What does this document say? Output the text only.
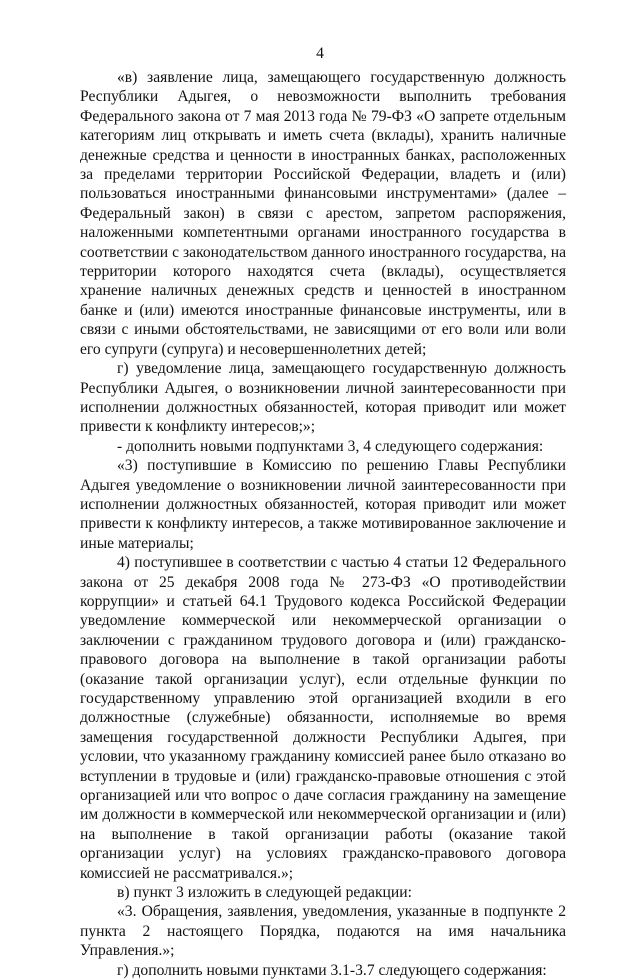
4

«в) заявление лица, замещающего государственную должность Республики Адыгея, о невозможности выполнить требования Федерального закона от 7 мая 2013 года № 79-ФЗ «О запрете отдельным категориям лиц открывать и иметь счета (вклады), хранить наличные денежные средства и ценности в иностранных банках, расположенных за пределами территории Российской Федерации, владеть и (или) пользоваться иностранными финансовыми инструментами» (далее – Федеральный закон) в связи с арестом, запретом распоряжения, наложенными компетентными органами иностранного государства в соответствии с законодательством данного иностранного государства, на территории которого находятся счета (вклады), осуществляется хранение наличных денежных средств и ценностей в иностранном банке и (или) имеются иностранные финансовые инструменты, или в связи с иными обстоятельствами, не зависящими от его воли или воли его супруги (супруга) и несовершеннолетних детей;

г) уведомление лица, замещающего государственную должность Республики Адыгея, о возникновении личной заинтересованности при исполнении должностных обязанностей, которая приводит или может привести к конфликту интересов;»;

- дополнить новыми подпунктами 3, 4 следующего содержания:

«3) поступившие в Комиссию по решению Главы Республики Адыгея уведомление о возникновении личной заинтересованности при исполнении должностных обязанностей, которая приводит или может привести к конфликту интересов, а также мотивированное заключение и иные материалы;

4) поступившее в соответствии с частью 4 статьи 12 Федерального закона от 25 декабря 2008 года № 273-ФЗ «О противодействии коррупции» и статьей 64.1 Трудового кодекса Российской Федерации уведомление коммерческой или некоммерческой организации о заключении с гражданином трудового договора и (или) гражданско-правового договора на выполнение в такой организации работы (оказание такой организации услуг), если отдельные функции по государственному управлению этой организацией входили в его должностные (служебные) обязанности, исполняемые во время замещения государственной должности Республики Адыгея, при условии, что указанному гражданину комиссией ранее было отказано во вступлении в трудовые и (или) гражданско-правовые отношения с этой организацией или что вопрос о даче согласия гражданину на замещение им должности в коммерческой или некоммерческой организации и (или) на выполнение в такой организации работы (оказание такой организации услуг) на условиях гражданско-правового договора комиссией не рассматривался.»;

в) пункт 3 изложить в следующей редакции:

«3. Обращения, заявления, уведомления, указанные в подпункте 2 пункта 2 настоящего Порядка, подаются на имя начальника Управления.»;

г) дополнить новыми пунктами 3.1-3.7 следующего содержания:
